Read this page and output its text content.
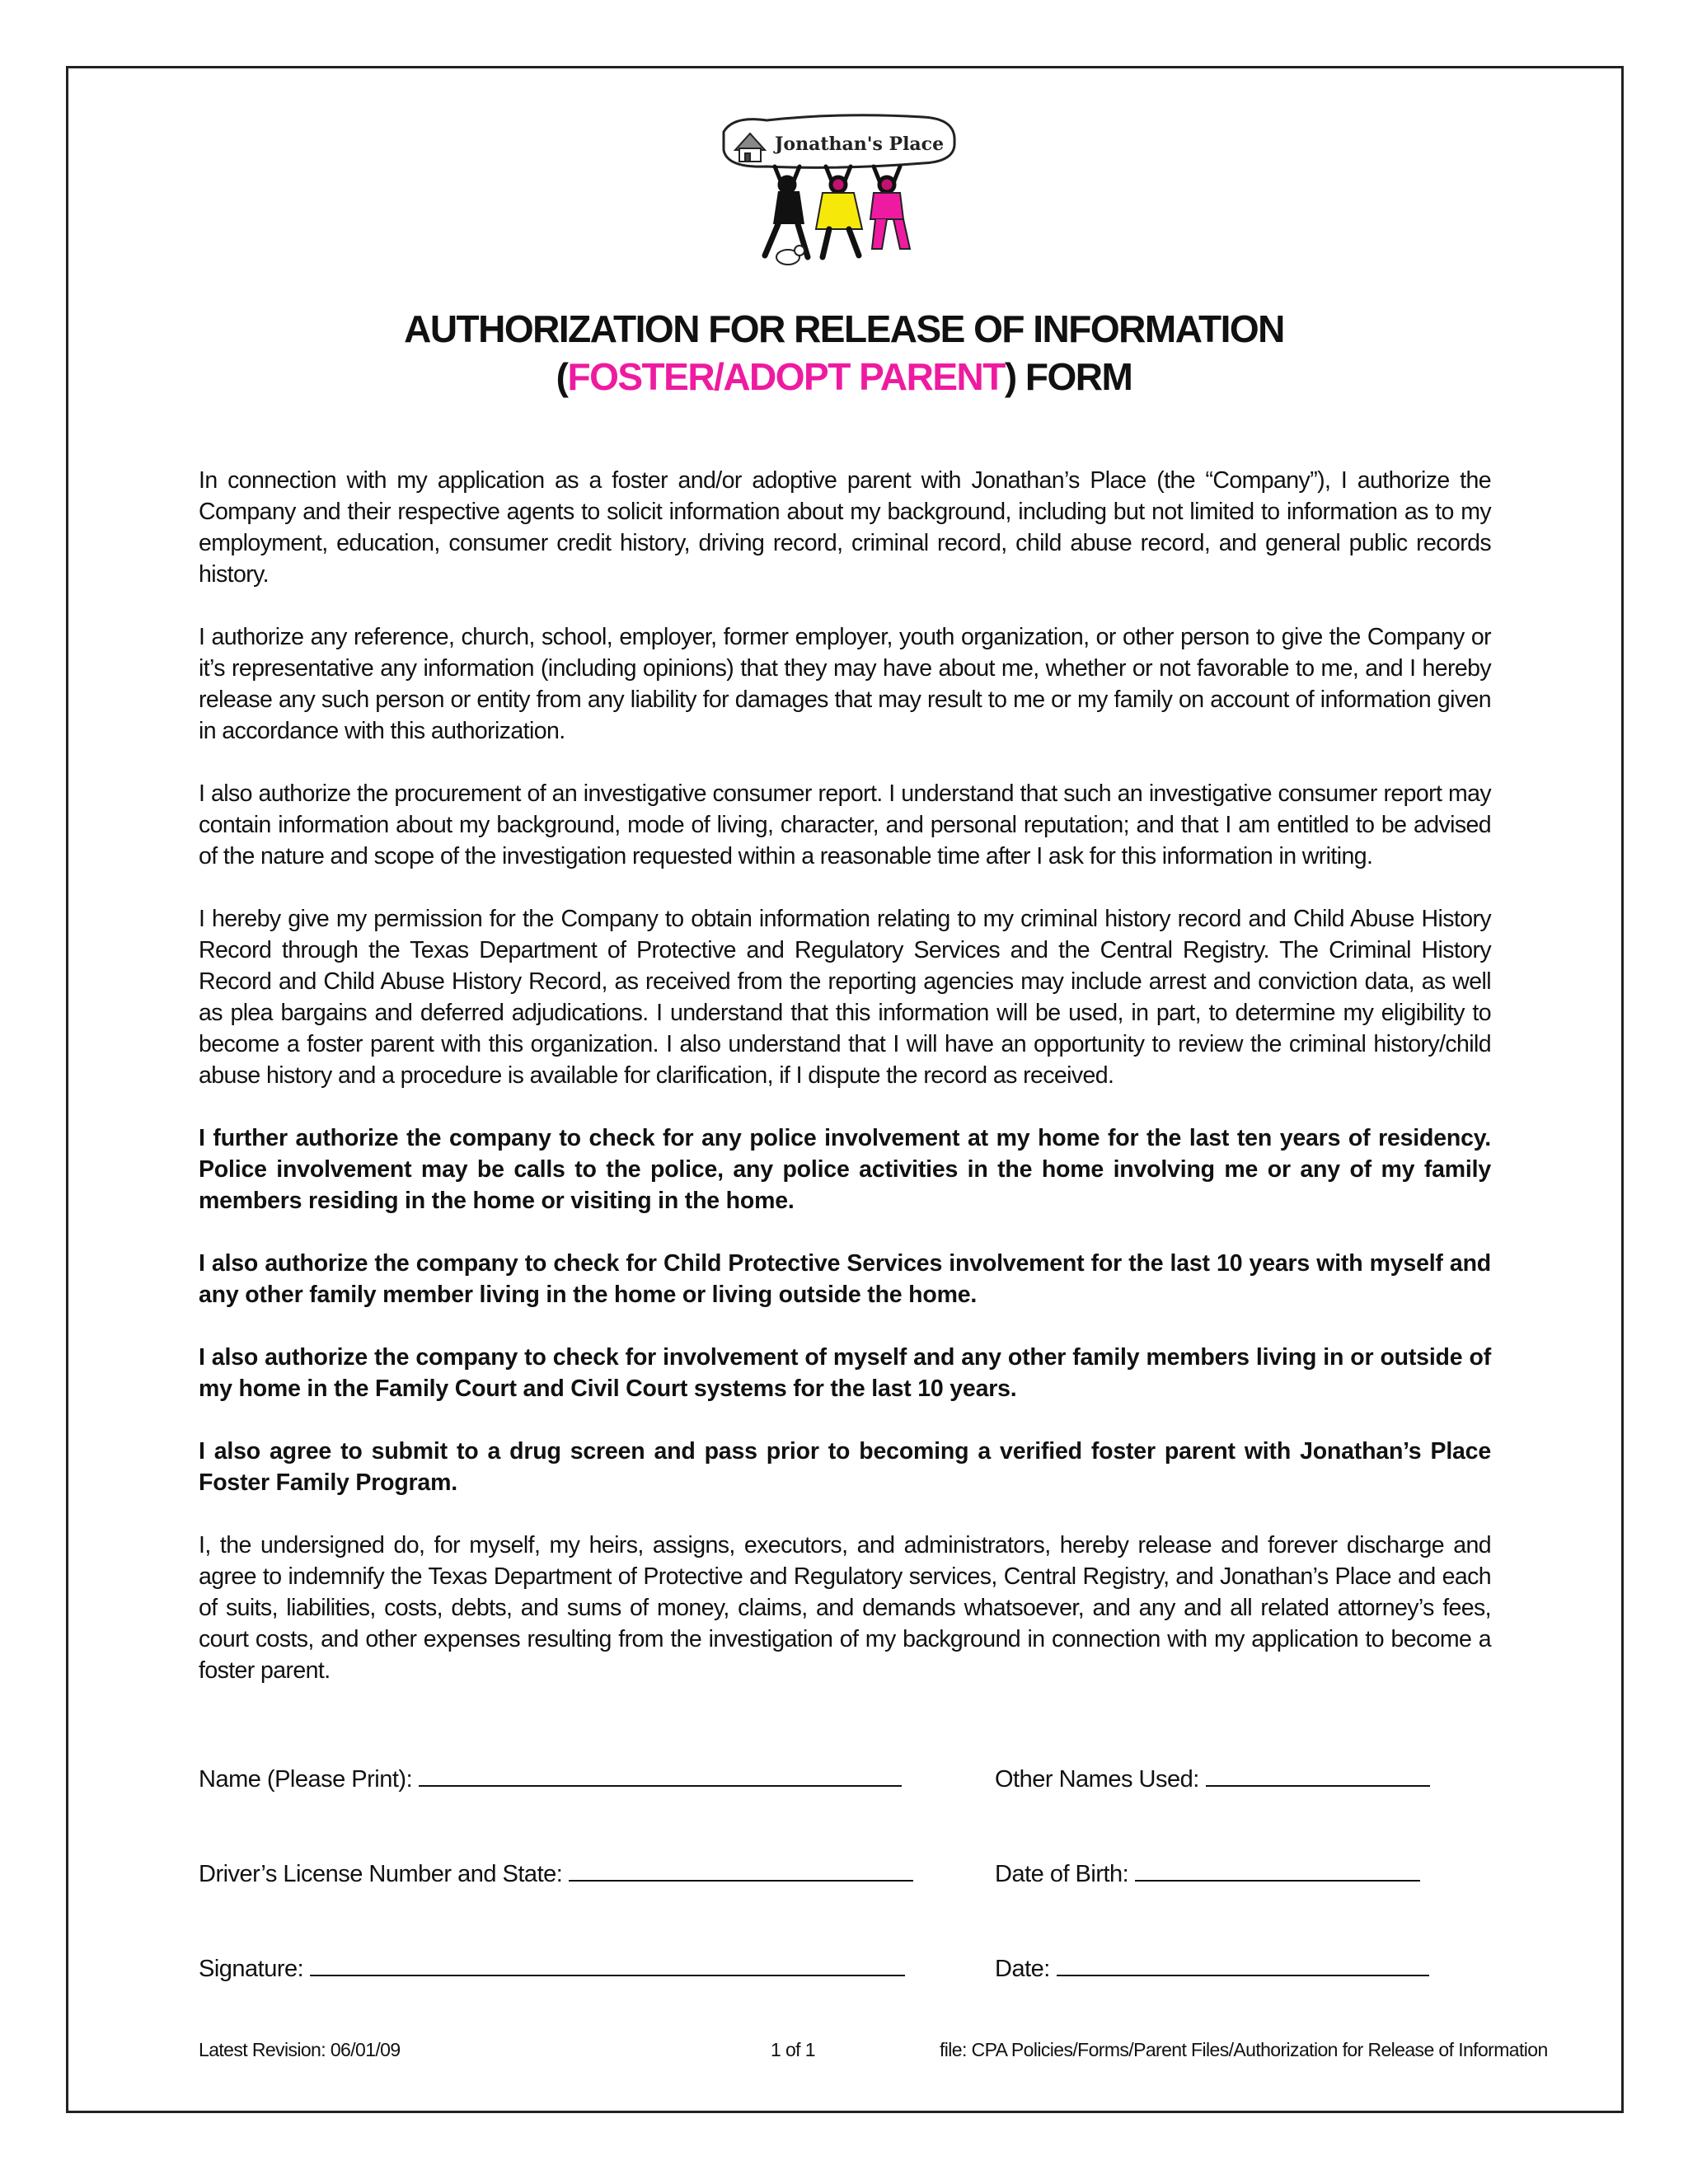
Jonathan's Place
AUTHORIZATION FOR RELEASE OF INFORMATION
(FOSTER/ADOPT PARENT) FORM

In connection with my application as a foster and/or adoptive parent with Jonathan’s Place (the “Company”), I authorize the Company and their respective agents to solicit information about my background, including but not limited to information as to my employment, education, consumer credit history, driving record, criminal record, child abuse record, and general public records history.

I authorize any reference, church, school, employer, former employer, youth organization, or other person to give the Company or it’s representative any information (including opinions) that they may have about me, whether or not favorable to me, and I hereby release any such person or entity from any liability for damages that may result to me or my family on account of information given in accordance with this authorization.

I also authorize the procurement of an investigative consumer report. I understand that such an investigative consumer report may contain information about my background, mode of living, character, and personal reputation; and that I am entitled to be advised of the nature and scope of the investigation requested within a reasonable time after I ask for this information in writing.

I hereby give my permission for the Company to obtain information relating to my criminal history record and Child Abuse History Record through the Texas Department of Protective and Regulatory Services and the Central Registry. The Criminal History Record and Child Abuse History Record, as received from the reporting agencies may include arrest and conviction data, as well as plea bargains and deferred adjudications. I understand that this information will be used, in part, to determine my eligibility to become a foster parent with this organization. I also understand that I will have an opportunity to review the criminal history/child abuse history and a procedure is available for clarification, if I dispute the record as received.

I further authorize the company to check for any police involvement at my home for the last ten years of residency. Police involvement may be calls to the police, any police activities in the home involving me or any of my family members residing in the home or visiting in the home.

I also authorize the company to check for Child Protective Services involvement for the last 10 years with myself and any other family member living in the home or living outside the home.

I also authorize the company to check for involvement of myself and any other family members living in or outside of my home in the Family Court and Civil Court systems for the last 10 years.

I also agree to submit to a drug screen and pass prior to becoming a verified foster parent with Jonathan’s Place Foster Family Program.

I, the undersigned do, for myself, my heirs, assigns, executors, and administrators, hereby release and forever discharge and agree to indemnify the Texas Department of Protective and Regulatory services, Central Registry, and Jonathan’s Place and each of suits, liabilities, costs, debts, and sums of money, claims, and demands whatsoever, and any and all related attorney’s fees, court costs, and other expenses resulting from the investigation of my background in connection with my application to become a foster parent.

Name (Please Print):	Other Names Used:
Driver’s License Number and State:	Date of Birth:
Signature:	Date:
Latest Revision: 06/01/09	1 of 1	file: CPA Policies/Forms/Parent Files/Authorization for Release of Information
